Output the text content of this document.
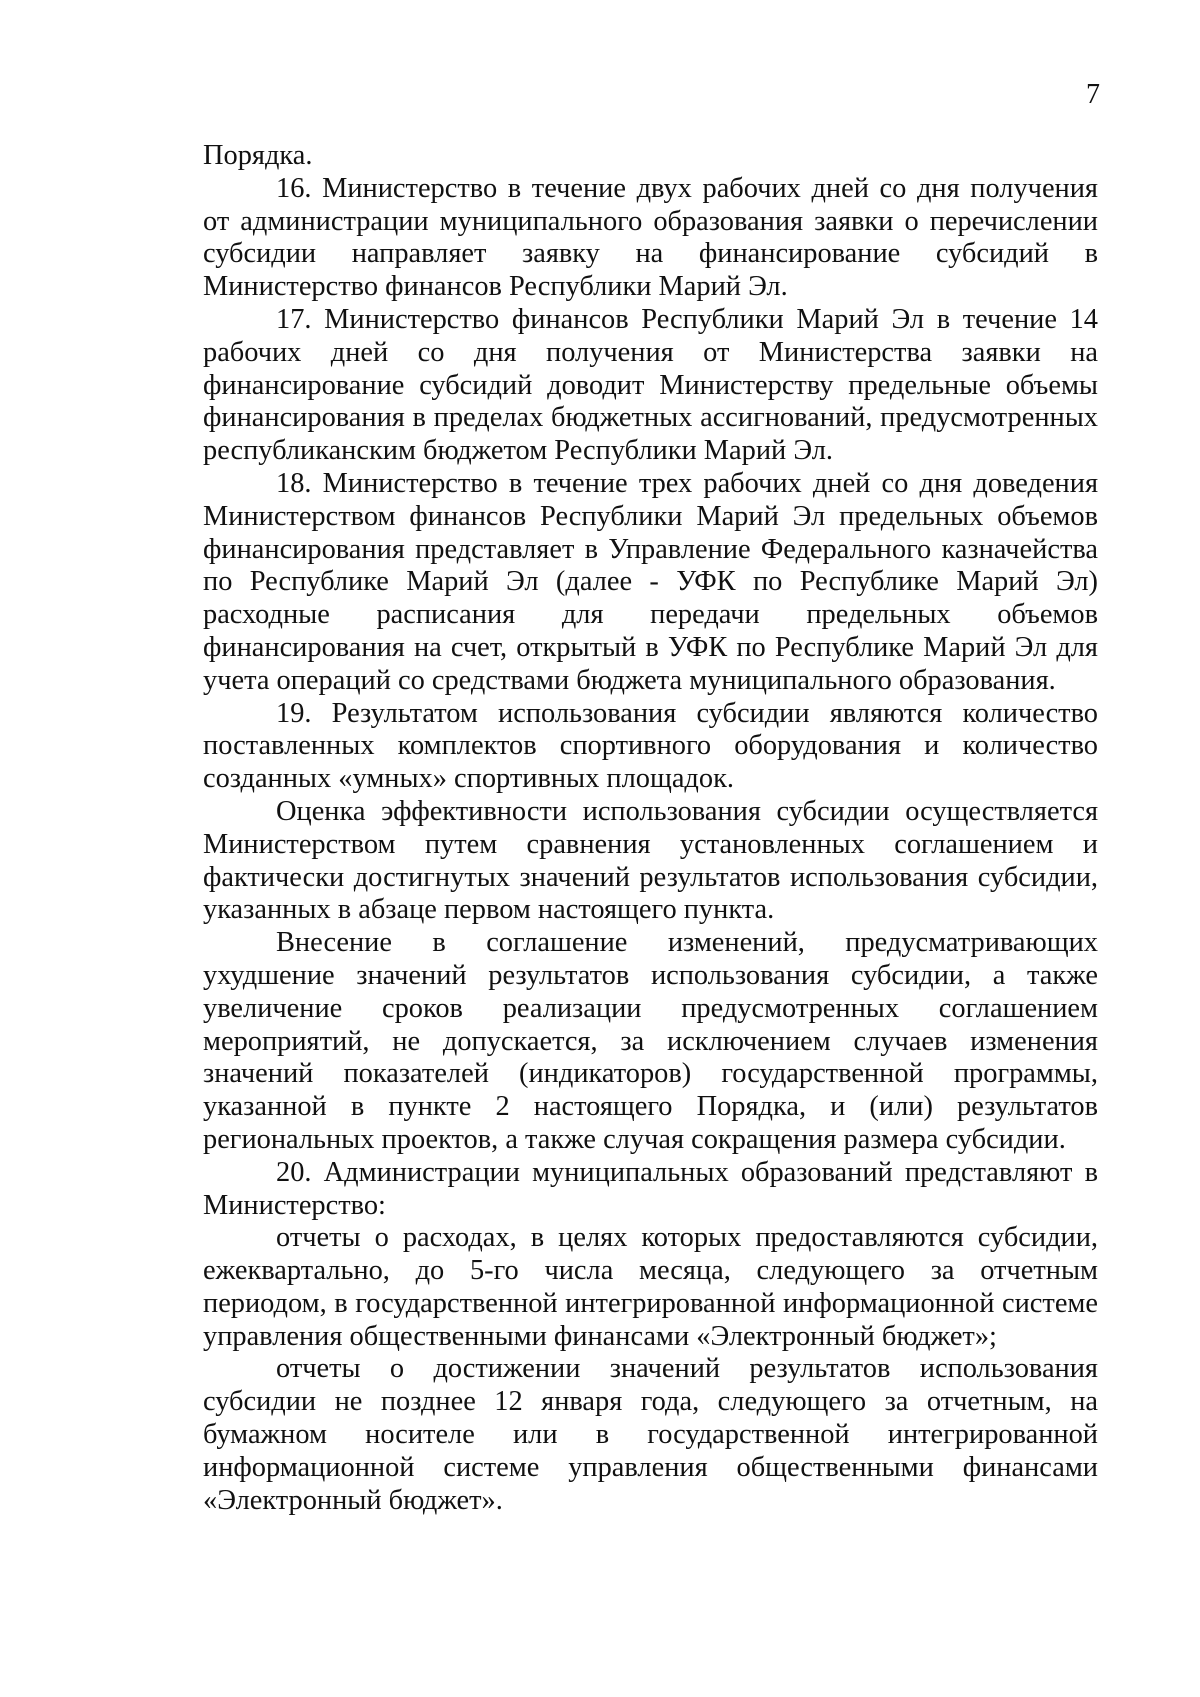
7

Порядка.

16. Министерство в течение двух рабочих дней со дня получения от администрации муниципального образования заявки о перечислении субсидии направляет заявку на финансирование субсидий в Министерство финансов Республики Марий Эл.

17. Министерство финансов Республики Марий Эл в течение 14 рабочих дней со дня получения от Министерства заявки на финансирование субсидий доводит Министерству предельные объемы финансирования в пределах бюджетных ассигнований, предусмотренных республиканским бюджетом Республики Марий Эл.

18. Министерство в течение трех рабочих дней со дня доведения Министерством финансов Республики Марий Эл предельных объемов финансирования представляет в Управление Федерального казначейства по Республике Марий Эл (далее - УФК по Республике Марий Эл) расходные расписания для передачи предельных объемов финансирования на счет, открытый в УФК по Республике Марий Эл для учета операций со средствами бюджета муниципального образования.

19. Результатом использования субсидии являются количество поставленных комплектов спортивного оборудования и количество созданных «умных» спортивных площадок.

Оценка эффективности использования субсидии осуществляется Министерством путем сравнения установленных соглашением и фактически достигнутых значений результатов использования субсидии, указанных в абзаце первом настоящего пункта.

Внесение в соглашение изменений, предусматривающих ухудшение значений результатов использования субсидии, а также увеличение сроков реализации предусмотренных соглашением мероприятий, не допускается, за исключением случаев изменения значений показателей (индикаторов) государственной программы, указанной в пункте 2 настоящего Порядка, и (или) результатов региональных проектов, а также случая сокращения размера субсидии.

20. Администрации муниципальных образований представляют в Министерство:

отчеты о расходах, в целях которых предоставляются субсидии, ежеквартально, до 5-го числа месяца, следующего за отчетным периодом, в государственной интегрированной информационной системе управления общественными финансами «Электронный бюджет»;

отчеты о достижении значений результатов использования субсидии не позднее 12 января года, следующего за отчетным, на бумажном носителе или в государственной интегрированной информационной системе управления общественными финансами «Электронный бюджет».
